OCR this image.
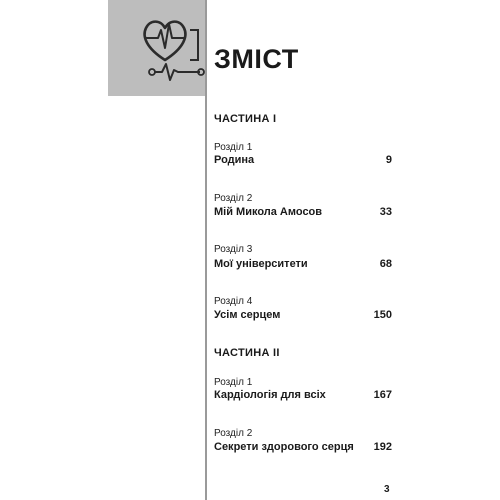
ЗМІСТ
ЧАСТИНА І
Розділ 1
Родина	9
Розділ 2
Мій Микола Амосов	33
Розділ 3
Мої університети	68
Розділ 4
Усім серцем	150
ЧАСТИНА ІІ
Розділ 1
Кардіологія для всіх	167
Розділ 2
Секрети здорового серця 192
3
